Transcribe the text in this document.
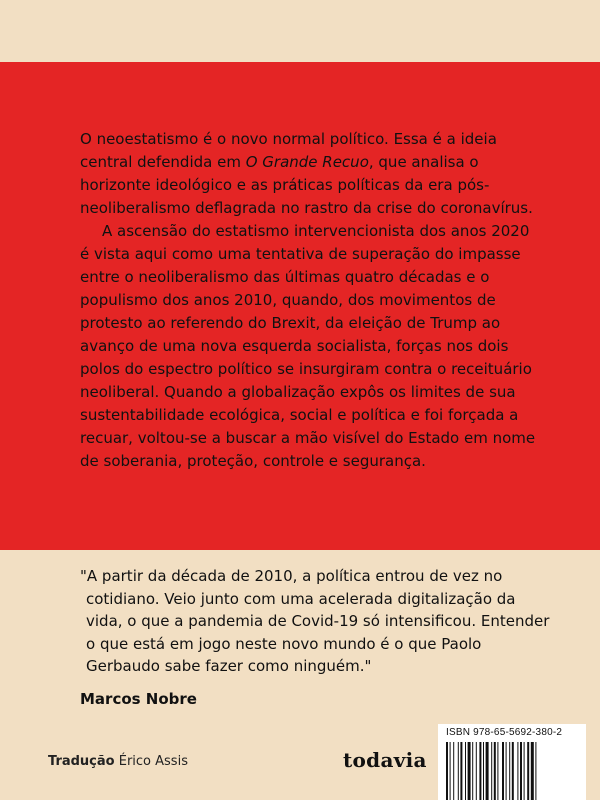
O neoestatismo é o novo normal político. Essa é a ideia central defendida em O Grande Recuo, que analisa o horizonte ideológico e as práticas políticas da era pós-neoliberalismo deflagrada no rastro da crise do coronavírus.

A ascensão do estatismo intervencionista dos anos 2020 é vista aqui como uma tentativa de superação do impasse entre o neoliberalismo das últimas quatro décadas e o populismo dos anos 2010, quando, dos movimentos de protesto ao referendo do Brexit, da eleição de Trump ao avanço de uma nova esquerda socialista, forças nos dois polos do espectro político se insurgiram contra o receituário neoliberal. Quando a globalização expôs os limites de sua sustentabilidade ecológica, social e política e foi forçada a recuar, voltou-se a buscar a mão visível do Estado em nome de soberania, proteção, controle e segurança.

"A partir da década de 2010, a política entrou de vez no cotidiano. Veio junto com uma acelerada digitalização da vida, o que a pandemia de Covid-19 só intensificou. Entender o que está em jogo neste novo mundo é o que Paolo Gerbaudo sabe fazer como ninguém."
Marcos Nobre
Tradução Érico Assis	todavia
ISBN 978-65-5692-380-2
